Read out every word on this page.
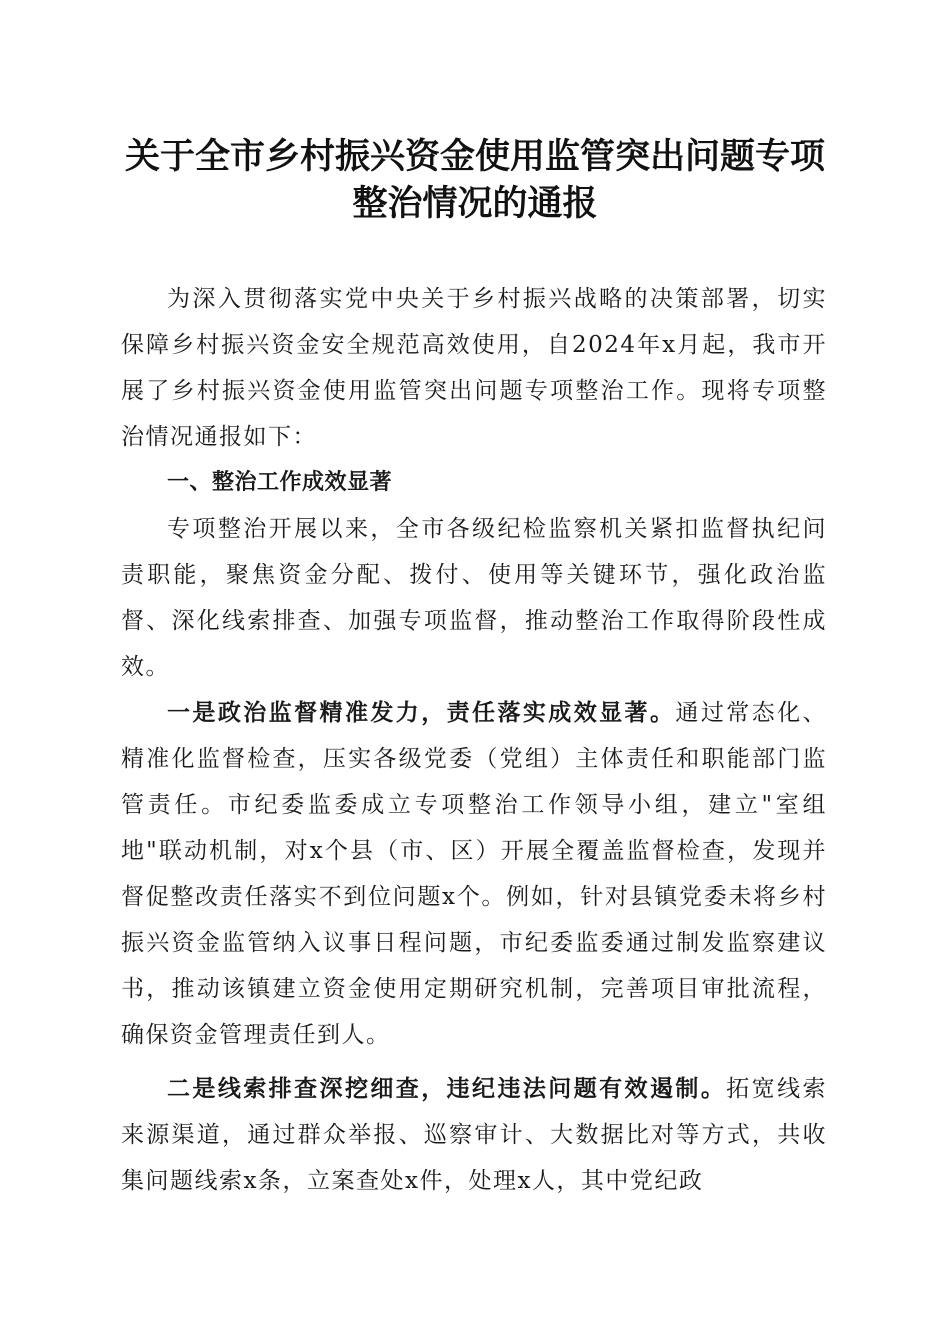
关于全市乡村振兴资金使用监管突出问题专项
整治情况的通报

为深入贯彻落实党中央关于乡村振兴战略的决策部署，切实保障乡村振兴资金安全规范高效使用，自2024年x月起，我市开展了乡村振兴资金使用监管突出问题专项整治工作。现将专项整治情况通报如下：

一、整治工作成效显著

专项整治开展以来，全市各级纪检监察机关紧扣监督执纪问责职能，聚焦资金分配、拨付、使用等关键环节，强化政治监督、深化线索排查、加强专项监督，推动整治工作取得阶段性成效。

一是政治监督精准发力，责任落实成效显著。通过常态化、精准化监督检查，压实各级党委（党组）主体责任和职能部门监管责任。市纪委监委成立专项整治工作领导小组，建立"室组地"联动机制，对x个县（市、区）开展全覆盖监督检查，发现并督促整改责任落实不到位问题x个。例如，针对县镇党委未将乡村振兴资金监管纳入议事日程问题，市纪委监委通过制发监察建议书，推动该镇建立资金使用定期研究机制，完善项目审批流程，确保资金管理责任到人。

二是线索排查深挖细查，违纪违法问题有效遏制。拓宽线索来源渠道，通过群众举报、巡察审计、大数据比对等方式，共收集问题线索x条，立案查处x件，处理x人，其中党纪政
